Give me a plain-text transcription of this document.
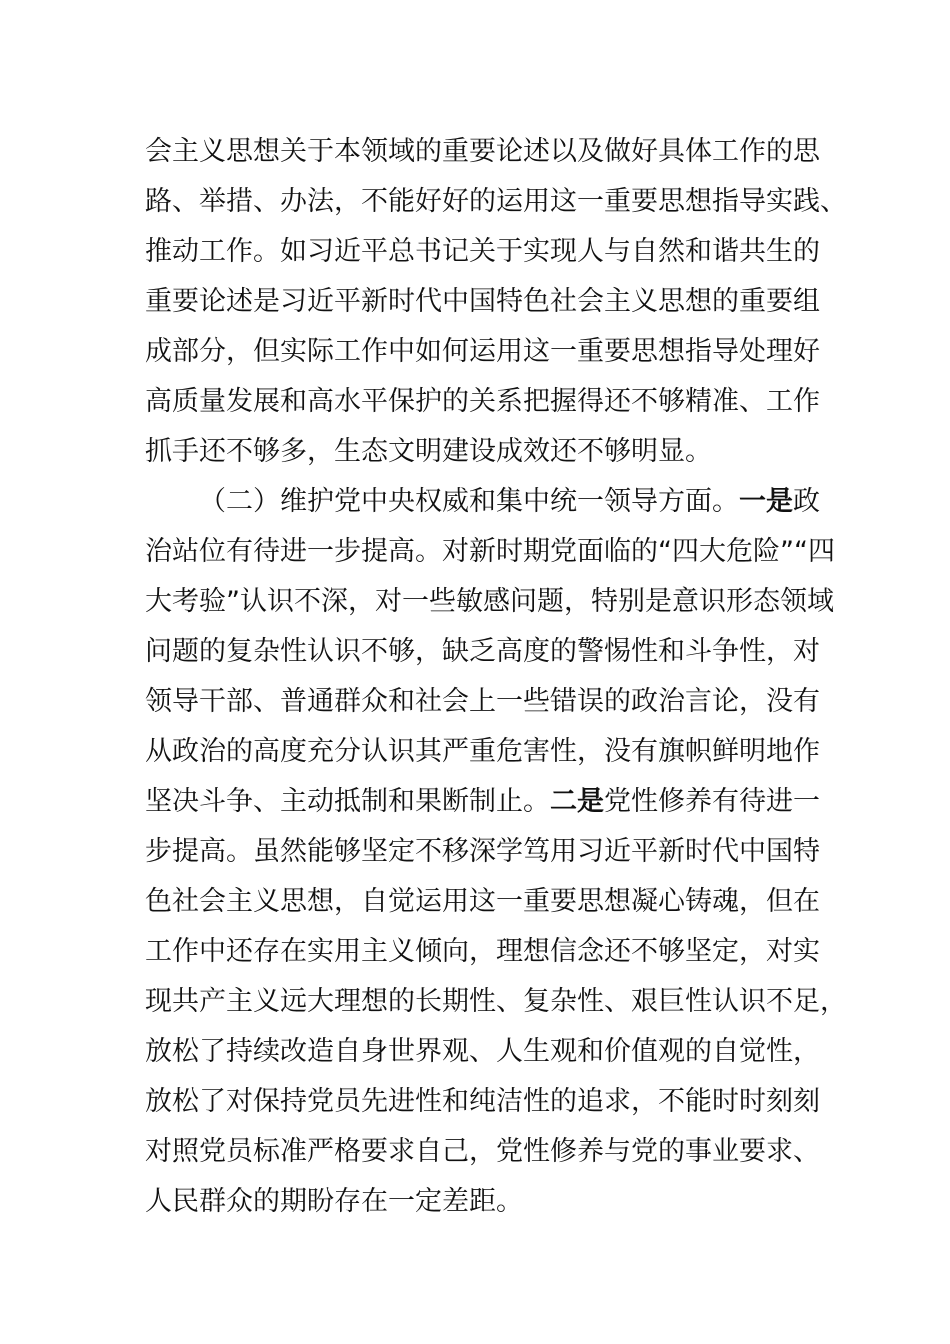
会主义思想关于本领域的重要论述以及做好具体工作的思
路、举措、办法，不能好好的运用这一重要思想指导实践、
推动工作。如习近平总书记关于实现人与自然和谐共生的
重要论述是习近平新时代中国特色社会主义思想的重要组
成部分，但实际工作中如何运用这一重要思想指导处理好
高质量发展和高水平保护的关系把握得还不够精准、工作
抓手还不够多，生态文明建设成效还不够明显。
（二）维护党中央权威和集中统一领导方面。一是政
治站位有待进一步提高。对新时期党面临的“四大危险”“四
大考验”认识不深，对一些敏感问题，特别是意识形态领域
问题的复杂性认识不够，缺乏高度的警惕性和斗争性，对
领导干部、普通群众和社会上一些错误的政治言论，没有
从政治的高度充分认识其严重危害性，没有旗帜鲜明地作
坚决斗争、主动抵制和果断制止。二是党性修养有待进一
步提高。虽然能够坚定不移深学笃用习近平新时代中国特
色社会主义思想，自觉运用这一重要思想凝心铸魂，但在
工作中还存在实用主义倾向，理想信念还不够坚定，对实
现共产主义远大理想的长期性、复杂性、艰巨性认识不足，
放松了持续改造自身世界观、人生观和价值观的自觉性，
放松了对保持党员先进性和纯洁性的追求，不能时时刻刻
对照党员标准严格要求自己，党性修养与党的事业要求、
人民群众的期盼存在一定差距。
